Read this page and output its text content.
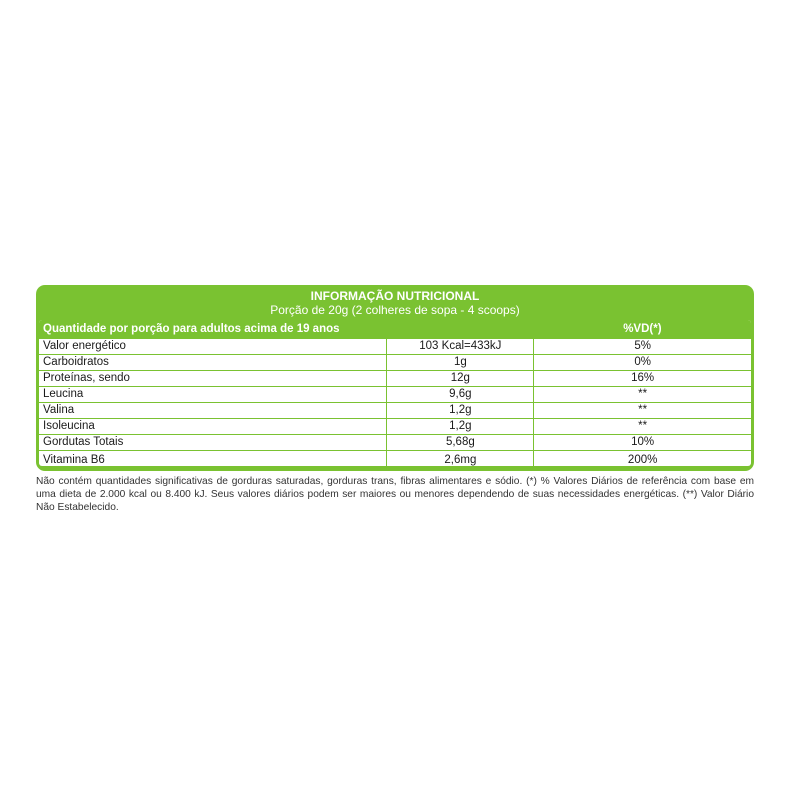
INFORMAÇÃO NUTRICIONAL
Porção de 20g (2 colheres de sopa - 4 scoops)
Quantidade por porção para adultos acima de 19 anos		%VD(*)
Valor energético	103 Kcal=433kJ	5%
Carboidratos	1g	0%
Proteínas, sendo	12g	16%
Leucina	9,6g	**
Valina	1,2g	**
Isoleucina	1,2g	**
Gordutas Totais	5,68g	10%
Vitamina B6	2,6mg	200%
Não contém quantidades significativas de gorduras saturadas, gorduras trans, fibras alimentares e sódio. (*) % Valores Diários de referência com base em uma dieta de 2.000 kcal ou 8.400 kJ. Seus valores diários podem ser maiores ou menores dependendo de suas necessidades energéticas. (**) Valor Diário Não Estabelecido.
